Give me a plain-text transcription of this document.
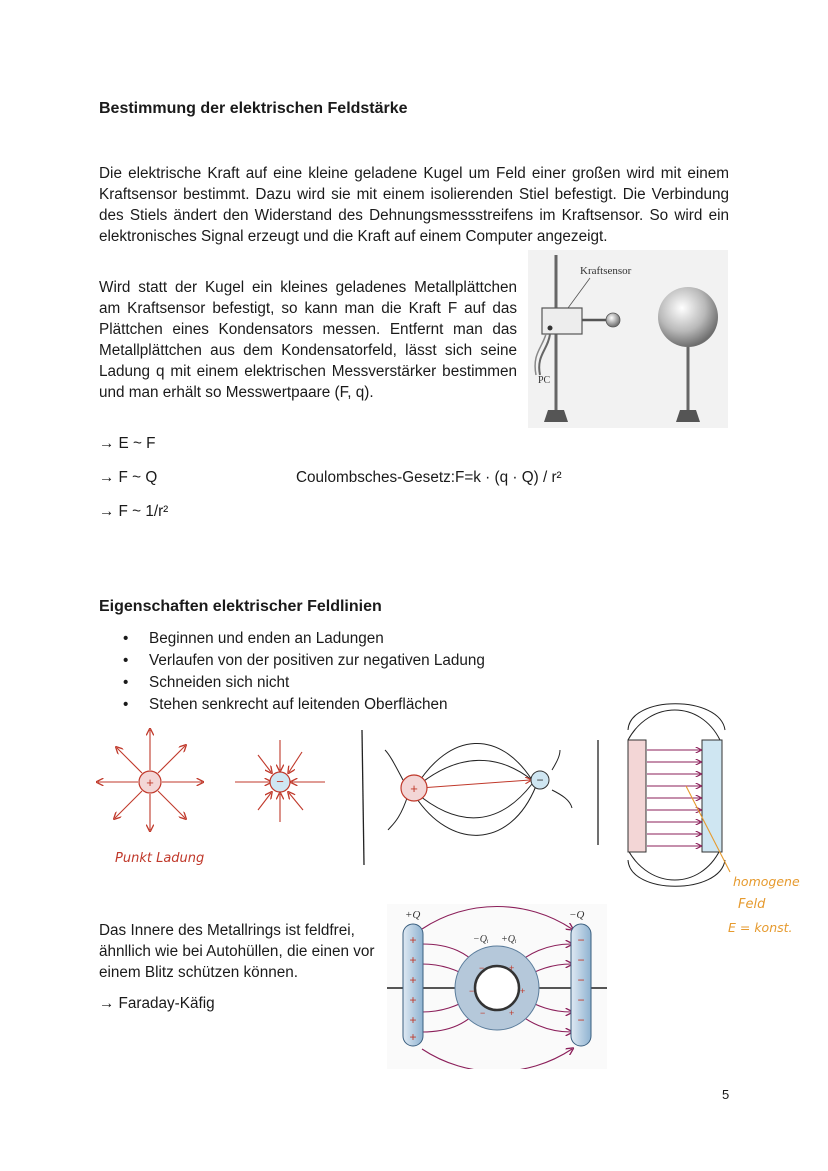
Bestimmung der elektrischen Feldstärke
Die elektrische Kraft auf eine kleine geladene Kugel um Feld einer großen wird mit einem Kraftsensor bestimmt. Dazu wird sie mit einem isolierenden Stiel befestigt. Die Verbindung des Stiels ändert den Widerstand des Dehnungsmessstreifens im Kraftsensor. So wird ein elektronisches Signal erzeugt und die Kraft auf einem Computer angezeigt.
Wird statt der Kugel ein kleines geladenes Metallplättchen am Kraftsensor befestigt, so kann man die Kraft F auf das Plättchen eines Kondensators messen. Entfernt man das Metallplättchen aus dem Kondensatorfeld, lässt sich seine Ladung q mit einem elektrischen Messverstärker bestimmen und man erhält so Messwertpaare (F, q).
Kraftsensor
PC
→ E ~ F
→ F ~ Q	Coulombsches-Gesetz:F=k · (q · Q) / r²
→ F ~ 1/r²
Eigenschaften elektrischer Feldlinien
• Beginnen und enden an Ladungen
• Verlaufen von der positiven zur negativen Ladung
• Schneiden sich nicht
• Stehen senkrecht auf leitenden Oberflächen
+
Punkt Ladung
−	+
−
homogenes
Feld
E = konst.
Das Innere des Metallrings ist feldfrei, ähnllich wie bei Autohüllen, die einen vor einem Blitz schützen können.
→ Faraday-Käfig
−
−
−
+
+
+
+
+
+
+
+
+
−
−
−
−
−
+Q	−Q
−Qᵢ +Qᵢ
5
